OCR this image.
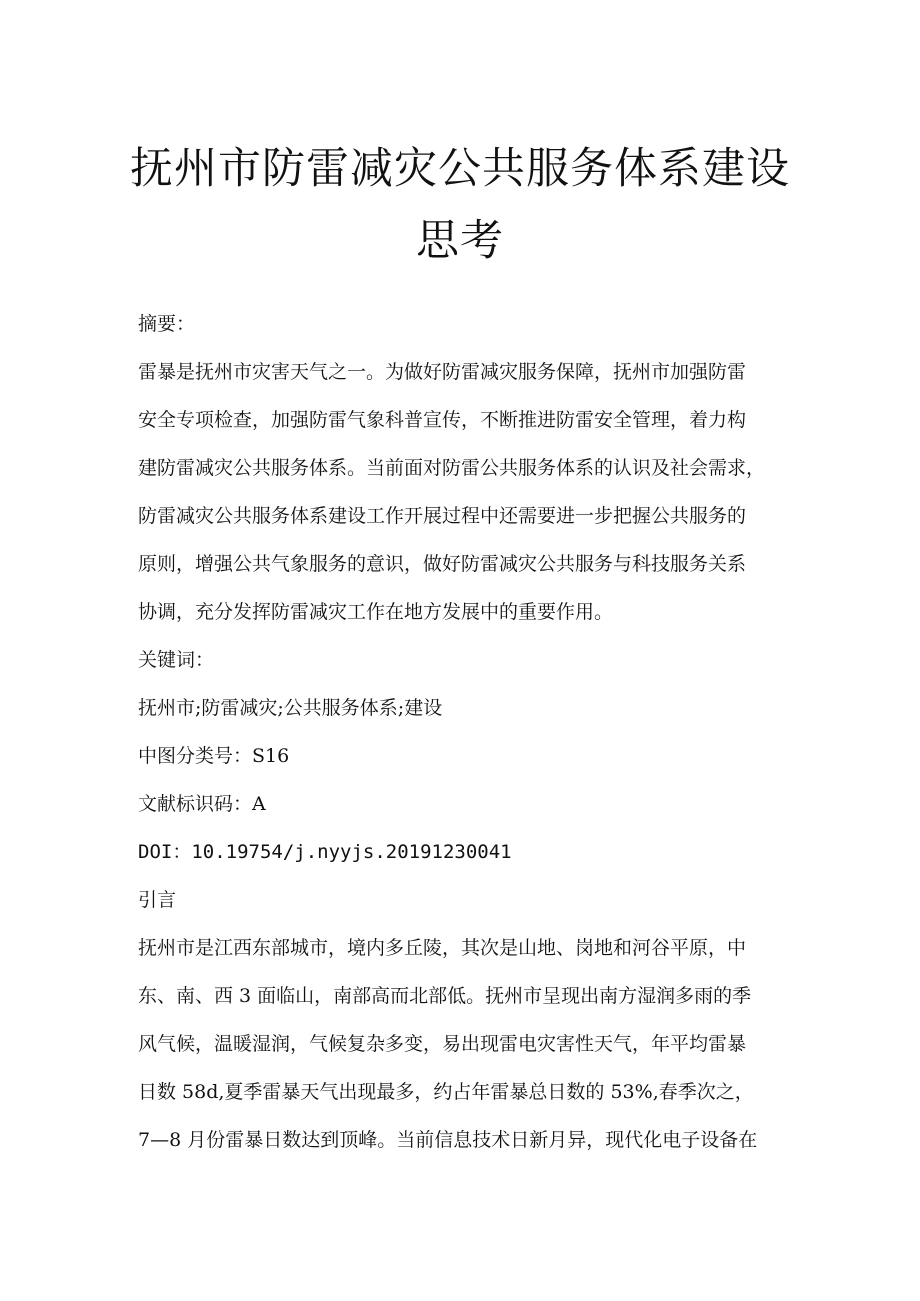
抚州市防雷减灾公共服务体系建设
思考
摘要：
雷暴是抚州市灾害天气之一。为做好防雷减灾服务保障，抚州市加强防雷
安全专项检查，加强防雷气象科普宣传，不断推进防雷安全管理，着力构
建防雷减灾公共服务体系。当前面对防雷公共服务体系的认识及社会需求，
防雷减灾公共服务体系建设工作开展过程中还需要进一步把握公共服务的
原则，增强公共气象服务的意识，做好防雷减灾公共服务与科技服务关系
协调，充分发挥防雷减灾工作在地方发展中的重要作用。
关键词：
抚州市;防雷减灾;公共服务体系;建设
中图分类号：S16
文献标识码：A
DOI：10.19754/j.nyyjs.20191230041
引言
抚州市是江西东部城市，境内多丘陵，其次是山地、岗地和河谷平原，中
东、南、西 3 面临山，南部高而北部低。抚州市呈现出南方湿润多雨的季
风气候，温暖湿润，气候复杂多变，易出现雷电灾害性天气，年平均雷暴
日数 58d,夏季雷暴天气出现最多，约占年雷暴总日数的 53%,春季次之，
7—8 月份雷暴日数达到顶峰。当前信息技术日新月异，现代化电子设备在
